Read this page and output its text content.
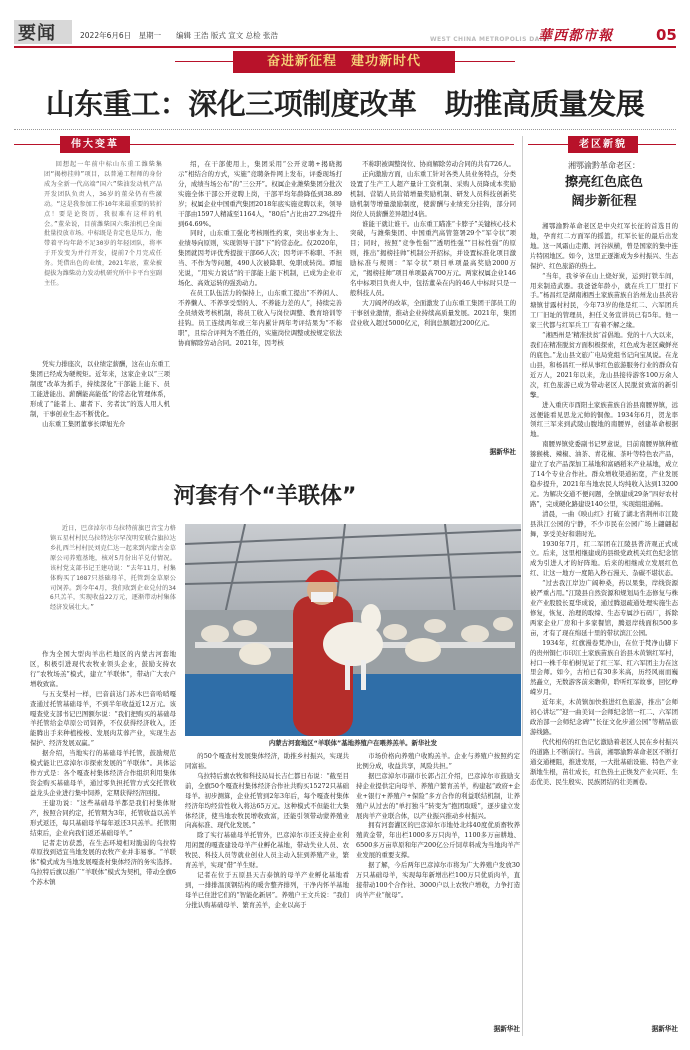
要闻	2022年6月6日　星期一　　编辑 王浩 版式 宣文 总检 张浩	WEST CHINA METROPOLIS DAILY
華西都市報	05
奋进新征程　建功新时代
山东重工：深化三项制度改革　助推高质量发展
伟大变革	老区新貌
回想起一年前中标山东重工潍柴集团“揭榜挂帅”项目，以普通工程师的身份成为全新一代高端“国六”柴油发动机产品开发团队负责人，36岁的董朵仍有些激动。“这是我参加工作10年来最重要的转折点！要是论资历，我很难有这样的机会。”董朵说，目前潍柴国六柴油机已全面批量投放市场。中标既是肯定也是压力，他带着平均年龄不足30岁的年轻团队，将率于开发变为并行开发，提前7个月完成任务。凭借出色的业绩，2021年底，董朵被提拔为潍柴动力发动机研究所中卡平台室副主任。

凭实力排座次，以业绩定薪酬，这在山东重工集团已经成为硬规矩。近年来，这家企业以“三项制度”改革为抓手，持续深化“干部能上能下、员工能进能出、薪酬能高能低”的常态化管理体系，形成了“能者上、庸者下、劣者汰”的选人用人机制，干事创业生态不断优化。

山东重工集团董事长谭旭光介

绍，在干部使用上，集团采用“公开竞聘+揭晓揭示”相结合的方式，实施“竞聘条件网上发布，评委现场打分，成绩当场公布”的“三公开”。权属企业潍柴集团分批次实施全体干部公开竞聘上岗，干部平均年龄降低到38.89岁；权属企业中国重汽集团2018年底实施竞聘以来，领导干部由1597人精减至1164人，“80后”占比由27.2%提升到64.69%。

同时，山东重工强化考核刚性约束，突出事业为上、业绩导向原则，实现领导干部“下”的常态化。仅2020年，集团就因考评优秀提拔干部66人次；因考评不称职、不担当、不作为等问题，490人次被降职、免职或转岗。谭旭光说，“用实力说话”的干部能上能下机制，已成为企业市场化、高效运转的强劲动力。

在员工队伍活力的保持上，山东重工提出“不养闲人、不养懒人、不养享受型的人、不养能力差的人”，持续完善全员绩效考核机制，将员工收入与岗位调整、教育培训等挂钩。员工连续两年或三年内累计两年考评结果为“不称职”，且综合评判为不胜任的，实施岗位调整或按规定依法协商解除劳动合同。2021年，因考核

不称职被调整岗位、协商解除劳动合同的共有726人。

正向激励方面，山东重工针对各类人员业务特点，分类设置了生产工人超产量计工资机制、采购人员降成本奖励机制、营销人员营销增量奖励机制、研发人员科技创新奖励机制等增量激励制度，使薪酬与业绩充分挂钩，部分同岗位人员薪酬差异超过4倍。

谁能干就让谁干。山东重工瞄准“卡脖子”关键核心技术突破，与潍柴集团、中国重汽高管签署29个“军令状”项目；同时，按照“竞争性强”“透明性强”“目标性强”的原则，推出“揭榜挂帅”机制公开招标，并设置标准化项目激励标准与规则：“军令状”项目单项最高奖励2000万元，“揭榜挂帅”项目单项最高700万元。两家权属企业146名中标项目负责人中，包括董朵在内的46人中标时只是一般科技人员。

大刀阔斧的改革，全面激发了山东重工集团干部员工的干事创业激情，推动企业持续高质量发展。2021年，集团营业收入超过5000亿元，利润总额超过200亿元。

据新华社
河套有个“羊联体”
近日，巴彦淖尔市乌拉特前旗巴音宝力格镇五星村村民乌拉特达尔罕茂明安联合旗拉达乡扎西兰村村民刘克仁达一起来到内蒙古金草原公司养殖基地，核对5月份出羊兑付情况。该村党支部书记王建功说：“去年11月，村集体购买了1087只基础母羊，托管到金草原公司饲养。到今年4月，我们收到企业兑付的346只羔羊，实现收益22万元，逐渐带动村集体经济发展壮大。”

作为全国大型肉羊出栏地区的内蒙古河套地区，积极引进现代农牧业领头企业，鼓励支持农行“农牧场羔”模式，建立“羊联体”，带动广大农户增收致富。

与五支梨村一样，巴音前达门苏木巴音哈哨嘎查通过托管基础母羊，不到半年收益近12万元。该嘎查党支部书记巴图额尔说：“我们把购买的基础母羊托管给金草原公司饲养，不仅获得经济收入，还能腾出手来种植梭梭、发展肉苁蓉产业，实现生态保护、经济发展双赢。”

据介绍，当地实行的基础母羊托管，鼓励规范模式能让巴彦淖尔市探索发展的“羊联体”。具体运作方式是：各个嘎查村集体经济合作组织利用集体资金购买基础母羊，通过零负担托管方式交托管收益龙头企业进行集中饲养，定期获得经济回报。

王建功说：“这些基础母羊都是我们村集体财产，按照合同约定，托管期为3年，托管收益以羔羊形式返还，每只基础母羊每年返还3只羔羊。托管期结束后，企业向我们返还基础母羊。”

记者走访获悉，在生态环境相对脆弱的乌拉特草原找到适宜当地发展的农牧产业并非易事。“羊联体”模式成为当地发展嘎查村集体经济的务实选择。乌拉特后旗以推广“羊联体”模式为契机，带动全旗6个苏木镇

内蒙古河套地区“羊联体”基地养殖户在喂养羔羊。新华社发

的50个嘎查村发展集体经济，助推乡村振兴，实现共同富裕。

乌拉特后旗农牧和科技局局长吉仁都日布说：“截至目前，全旗50个嘎查村集体经济合作社共购买15272只基础母羊。初步测算，企业托管到2年3年后，每个嘎查村集体经济年均经营性收入将达65万元。这种模式不但能壮大集体经济，使当地农牧民增收致富，还能引领带动蒙养殖业向高标准、现代化发展。”

除了实行基础母羊托管外，巴彦淖尔市还支持企业利用闲置的嘎查建设母羊产业孵化基地，带动失业人员、农牧民、科技人员等就业创业人员主动入驻到养殖产业，繁育羔羊，实现“借”羊生财。

记者在位于五原县天吉泰镇的母羊产业孵化基地看到，一排排温顶钢结构的暖舍整齐排列，干净内怀羊基地母羊已住进它们的“智能化新居”。养殖户王文兵说：“我们分批认购基础母羊、繁育羔羊，企业以高于

市场价格向养殖户收购羔羊。企业与养殖户按照约定比例分成，收益共享，风险共担。”

据巴彦淖尔市副市长郭占江介绍，巴彦淖尔市鼓励支持企业提供定向母羊、养殖户繁育羔羊，构建起“政府+企业+银行+养殖户+保险”多方合作的利益联结机制，让养殖户从过去的“单打独斗”转变为“抱团取暖”，逐步建立发展肉羊产业联合体，以产业振兴推动乡村振兴。

拥有河套灌区的巴彦淖尔市地处北纬40度优质畜牧养殖黄金带，年出栏1000多万只肉羊，1100多万亩耕地、6500多万亩草原和年产200亿公斤饲草料成为当地肉羊产业发展的重要支撑。

据了解，今后两年巴彦淖尔市将为广大养殖户发放30万只基础母羊，实现每年新增出栏100万只优质肉羊，直接带动100个合作社、3000户以上农牧户增收，力争打造肉羊产业“航母”。

据新华社
湘鄂渝黔革命老区：
擦亮红色底色
阔步新征程

湘鄂渝黔革命老区是中央红军长征的首选目的地，孕育红二方面军的摇篮，红军长征的最后出发地。这一风霜山走潮、河谷纵横，曾是国家的集中连片特困地区。如今，这里正逐渐成为乡村振兴、生态保护、红色旅游的热土。

“当年，我爷爷在山上烧好炭，运到打铁车间，用来制造武器。我爸爸年龄小，就在兵工厂里打下手。”杨昌红是湖南湘西土家族苗族自治州龙山县茨岩塘镇甘露村村民，今年73岁的他是红二、六军团兵工厂旧址的管理员，担任义务宣讲员已有5年。他一家三代都与红军兵工厂有着不解之缘。

“湘西州是‘精准扶贫’首倡地。党的十八大以来，我们在精准脱贫方面积极探索，红色成为老区藏鲜亮的底色。”龙山县文旅广电局党组书记向宝凤说。在龙山县，和杨昌红一样从事红色旅游服务行业的群众有近万人，2021年以来，龙山县接待游客100万余人次，红色旅游已成为带动老区人民脱贫致富的新引擎。

进入重庆市酉阳土家族苗族自治县南腰界镇，远远便能看见思龙元帅的铜像。1934年6月，贺龙率领红三军来到武陵山腹地的南腰界，创建革命根据地。

南腰界镇党委副书记罗意说，目前南腰界镇种植猕猴桃、辣椒、油茶、青花椒、茶叶等特色农产品，建立了农产品深加工基地和富硒稻米产业基地，成立了14个专业合作社。群众增收渠道拓宽，产业发展稳步提升，2021年当地农民人均纯收入达到13200元。为解决交通不便问题，全镇建成29条“四好农村路”，完成硬化路建设140公里，实现组组通畅。

清晨，一曲《映山红》打破了湖北省荆州市江陵县洪江公园的宁静，不少市民在公园广场上翩翩起舞，享受美好和谐时光。

1930年7月，红二军团在江陵县普济观正式成立。后来，这里相继建成的县级党政机关红色纪念馆成为引进人才的好阵地。后来的相继成立发展红色红、让这一地方一度陷入秒石漫天、杂碳不堪状态。

“过去我江岸边广阔种桑，药以果集，岸线资源被严重占用。”江陵县自然资源和规划局生态修复与株业产业股股长夏华成说，通过腾退疏通处理实施生态修复，恢复、治理的取缔、生态专属沙石码厂，拆除两家企业厂房和十多家餐馆，腾退岸线面积500多亩，才有了现在绵延十里的带状滨江公园。

1934年，红旗漫卷梵净山，在位于梵净山脚下的贵州铜仁市印江土家族苗族自治县木黄镇红军村，村口一株千年柏树见证了红三军、红六军团主力在这里会师。如今，古柏已有30多米高，历经风雨而巍然矗立，无数游客前来瞻仰，聆听红军故事，回忆峥嵘岁月。

近年来，木黄镇加快推进红色旅游，推出“会师初心讲坛”“迎一曲美词一会师纪念馆一红二、六军团政治部一会师纪念碑”“长征文化步道公园”等精品旅游线路。

代代相传的红色记忆激励着老区人民在乡村振兴的道路上不断前行。当前，湘鄂渝黔革命老区不断打通交通梗阻，推进发展，一大批基础设施、特色产业渐地生根，苗壮成长，红色热土正焕发产业兴旺、生态优美、民生殷实、民族团结的壮美画卷。

据新华社
